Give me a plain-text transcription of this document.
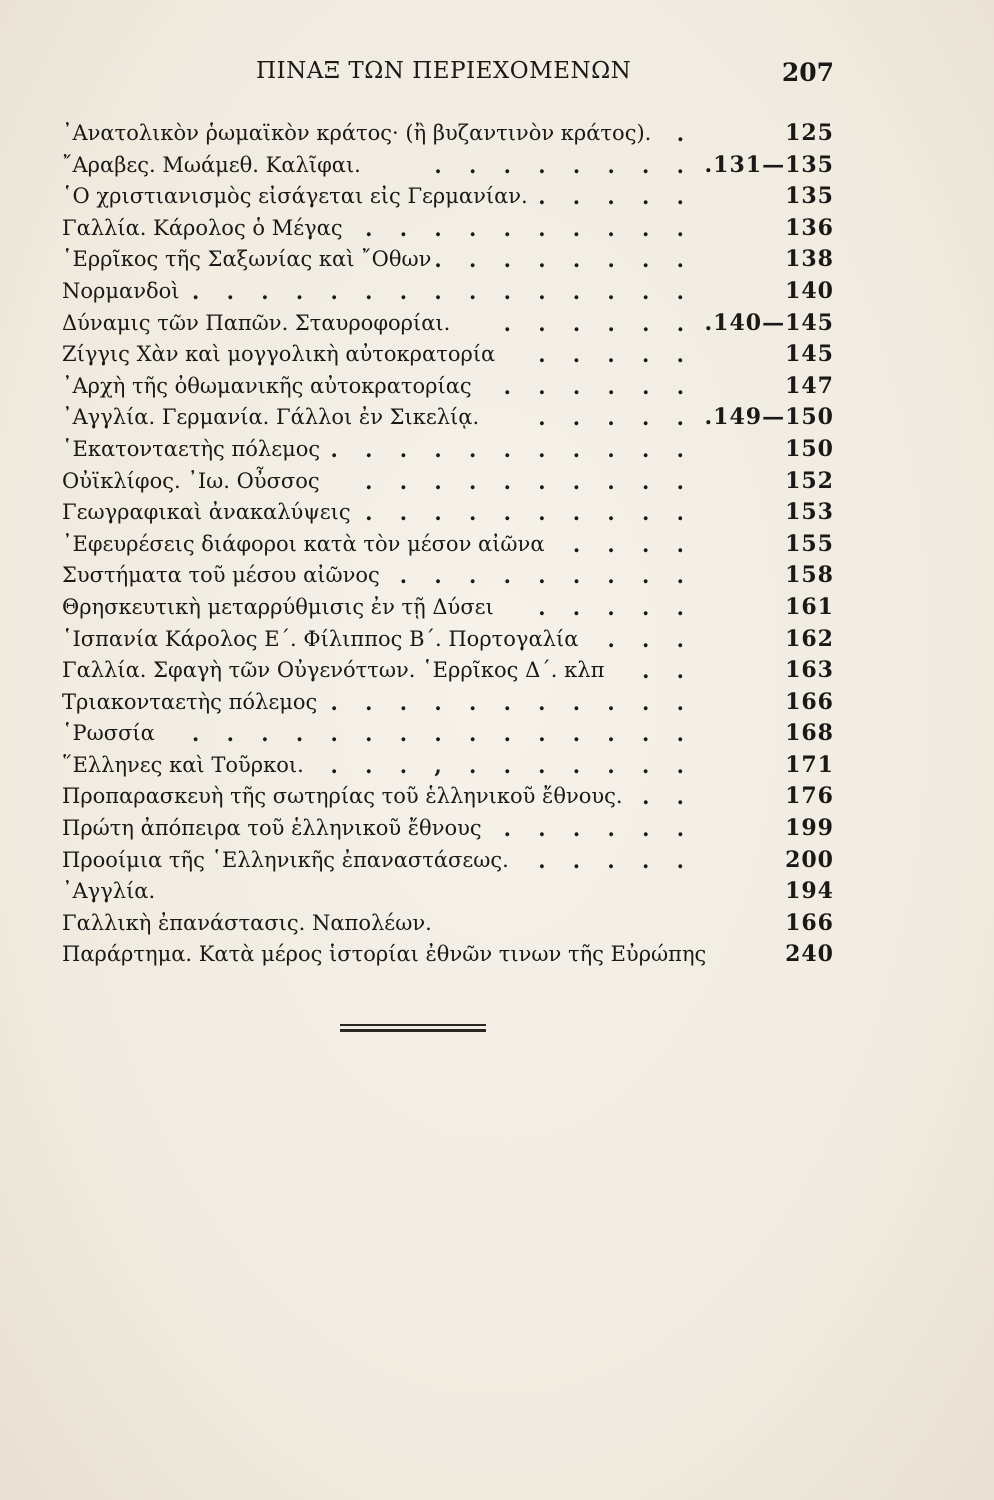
ΠΙΝΑΞ ΤΩΝ ΠΕΡΙΕΧΟΜΕΝΩΝ	207
᾿Ανατολικὸν ῥωμαϊκὸν κράτος· (ἢ βυζαντινὸν κράτος). .	125
῎Αραβες. Μωάμεθ. Καλῖφαι.	. . . . . . . . .131—135
῾Ο χριστιανισμὸς εἰσάγεται εἰς Γερμανίαν. . . . . .	135
Γαλλία. Κάρολος ὁ Μέγας . . . . . . . . . .	136
῾Ερρῖκος τῆς Σαξωνίας καὶ ῎Οθων . . . . . . . .	138
Νορμανδοὶ . . . . . . . . . . . . . . .	140
Δύναμις τῶν Παπῶν. Σταυροφορίαι.	. . . . . . .140—145
Ζίγγις Χὰν καὶ μογγολικὴ αὐτοκρατορία . . . . .	145
᾿Αρχὴ τῆς ὀθωμανικῆς αὐτοκρατορίας . . . . . .	147
᾿Αγγλία. Γερμανία. Γάλλοι ἐν Σικελίᾳ.	. . . . . .149—150
῾Εκατονταετὴς πόλεμος . . . . . . . . . . .	150
Οὐϊκλίφος. ᾿Ιω. Οὖσσος . . . . . . . . . .	152
Γεωγραφικαὶ ἀνακαλύψεις . . . . . . . . . .	153
᾿Εφευρέσεις διάφοροι κατὰ τὸν μέσον αἰῶνα . . . .	155
Συστήματα τοῦ μέσου αἰῶνος . . . . . . . . .	158
Θρησκευτικὴ μεταρρύθμισις ἐν τῇ Δύσει . . . . .	161
῾Ισπανία Κάρολος Ε΄. Φίλιππος Β΄. Πορτογαλία . . .	162
Γαλλία. Σφαγὴ τῶν Οὐγενόττων. ῾Ερρῖκος Δ΄. κλπ . .	163
Τριακονταετὴς πόλεμος . . . . . . . . . . .	166
῾Ρωσσία . . . . . . . . . . . . . . .	168
῞Ελληνες καὶ Τοῦρκοι. . . . , . . . . . . .	171
Προπαρασκευὴ τῆς σωτηρίας τοῦ ἑλληνικοῦ ἔθνους. . .	176
Πρώτη ἀπόπειρα τοῦ ἑλληνικοῦ ἔθνους . . . . . .	199
Προοίμια τῆς ῾Ελληνικῆς ἐπαναστάσεως. . . . . .	200
᾿Αγγλία.	194
Γαλλικὴ ἐπανάστασις. Ναπολέων.	166
Παράρτημα. Κατὰ μέρος ἱστορίαι ἐθνῶν τινων τῆς Εὐρώπης	240
